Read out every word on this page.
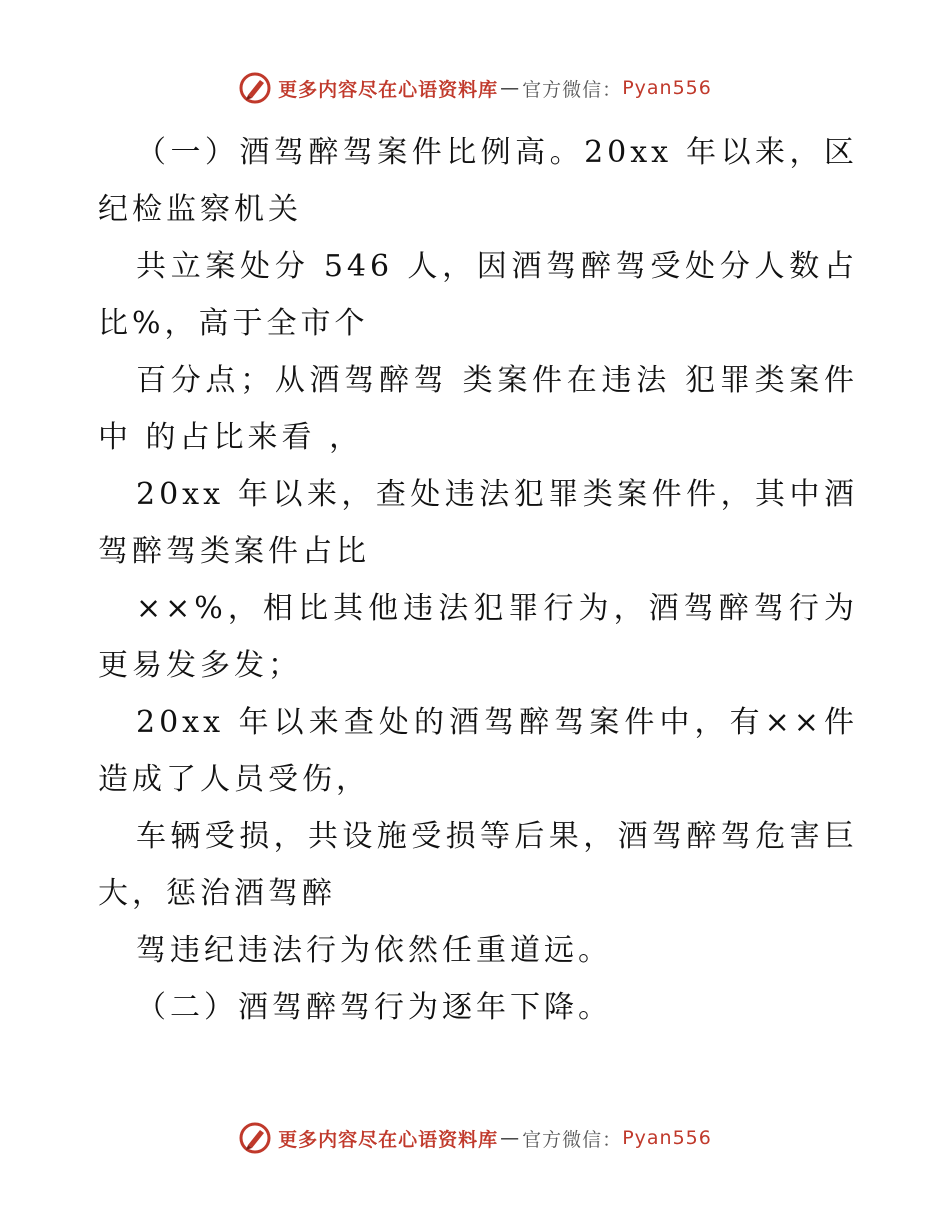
更多内容尽在心语资料库 — 官方微信： Pyan556

（一）酒驾醉驾案件比例高。20xx 年以来，区纪检监察机关

共立案处分 546 人，因酒驾醉驾受处分人数占比%，高于全市个

百分点；从酒驾醉驾 类案件在违法 犯罪类案件中 的占比来看 ，

20xx 年以来，查处违法犯罪类案件件，其中酒驾醉驾类案件占比

××%，相比其他违法犯罪行为，酒驾醉驾行为更易发多发；

20xx 年以来查处的酒驾醉驾案件中，有××件造成了人员受伤，

车辆受损，共设施受损等后果，酒驾醉驾危害巨大，惩治酒驾醉

驾违纪违法行为依然任重道远。

（二）酒驾醉驾行为逐年下降。

更多内容尽在心语资料库 — 官方微信： Pyan556
